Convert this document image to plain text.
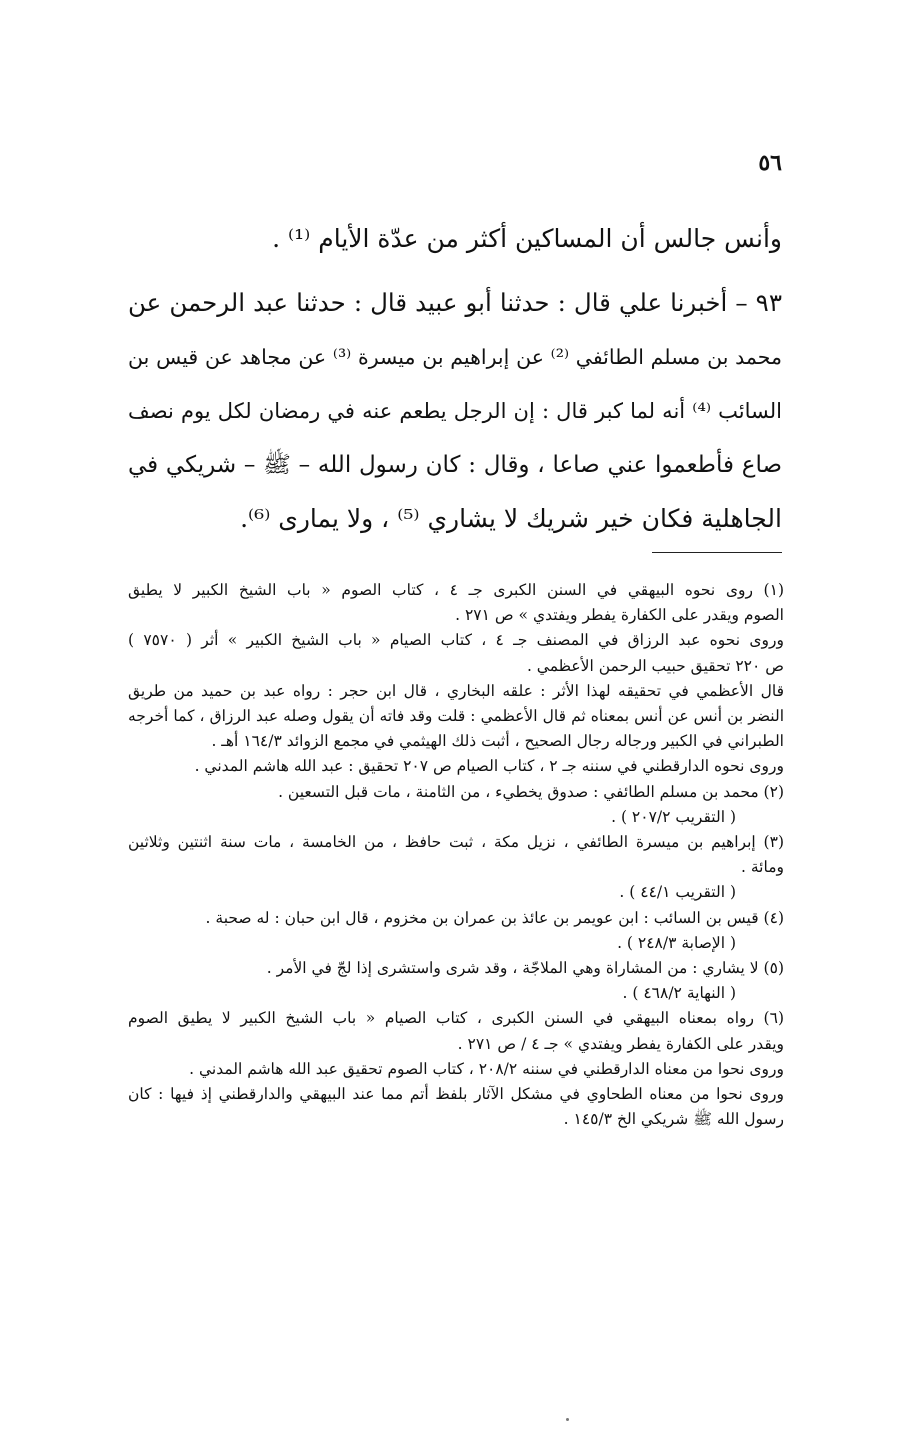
٥٦
وأنس جالس أن المساكين أكثر من عدّة الأيام ⁽¹⁾ .
٩٣ – أخبرنا علي قال : حدثنا أبو عبيد قال : حدثنا عبد الرحمن عن
محمد بن مسلم الطائفي ⁽²⁾ عن إبراهيم بن ميسرة ⁽³⁾ عن مجاهد عن قيس بن
السائب ⁽⁴⁾ أنه لما كبر قال : إن الرجل يطعم عنه في رمضان لكل يوم نصف
صاع فأطعموا عني صاعا ، وقال : كان رسول الله – ﷺ – شريكي في
الجاهلية فكان خير شريك لا يشاري ⁽⁵⁾ ، ولا يمارى ⁽⁶⁾.
(١) روى نحوه البيهقي في السنن الكبرى جـ ٤ ، كتاب الصوم « باب الشيخ الكبير لا يطيق
الصوم ويقدر على الكفارة يفطر ويفتدي » ص ٢٧١ .
وروى نحوه عبد الرزاق في المصنف جـ ٤ ، كتاب الصيام « باب الشيخ الكبير » أثر ( ٧٥٧٠ )
ص ٢٢٠ تحقيق حبيب الرحمن الأعظمي .
قال الأعظمي في تحقيقه لهذا الأثر : علقه البخاري ، قال ابن حجر : رواه عبد بن حميد من طريق
النضر بن أنس عن أنس بمعناه ثم قال الأعظمي : قلت وقد فاته أن يقول وصله عبد الرزاق ، كما أخرجه
الطبراني في الكبير ورجاله رجال الصحيح ، أثبت ذلك الهيثمي في مجمع الزوائد ١٦٤/٣ أهـ .
وروى نحوه الدارقطني في سننه جـ ٢ ، كتاب الصيام ص ٢٠٧ تحقيق : عبد الله هاشم المدني .
(٢) محمد بن مسلم الطائفي : صدوق يخطيء ، من الثامنة ، مات قبل التسعين .
( التقريب ٢٠٧/٢ ) .
(٣) إبراهيم بن ميسرة الطائفي ، نزيل مكة ، ثبت حافظ ، من الخامسة ، مات سنة اثنتين وثلاثين
ومائة .
( التقريب ٤٤/١ ) .
(٤) قيس بن السائب : ابن عويمر بن عائذ بن عمران بن مخزوم ، قال ابن حبان : له صحبة .
( الإصابة ٢٤٨/٣ ) .
(٥) لا يشاري : من المشاراة وهي الملاجّة ، وقد شرى واستشرى إذا لجّ في الأمر .
( النهاية ٤٦٨/٢ ) .
(٦) رواه بمعناه البيهقي في السنن الكبرى ، كتاب الصيام « باب الشيخ الكبير لا يطيق الصوم
ويقدر على الكفارة يفطر ويفتدي » جـ ٤ / ص ٢٧١ .
وروى نحوا من معناه الدارقطني في سننه ٢٠٨/٢ ، كتاب الصوم تحقيق عبد الله هاشم المدني .
وروى نحوا من معناه الطحاوي في مشكل الآثار بلفظ أتم مما عند البيهقي والدارقطني إذ فيها : كان
رسول الله ﷺ شريكي الخ ١٤٥/٣ .
